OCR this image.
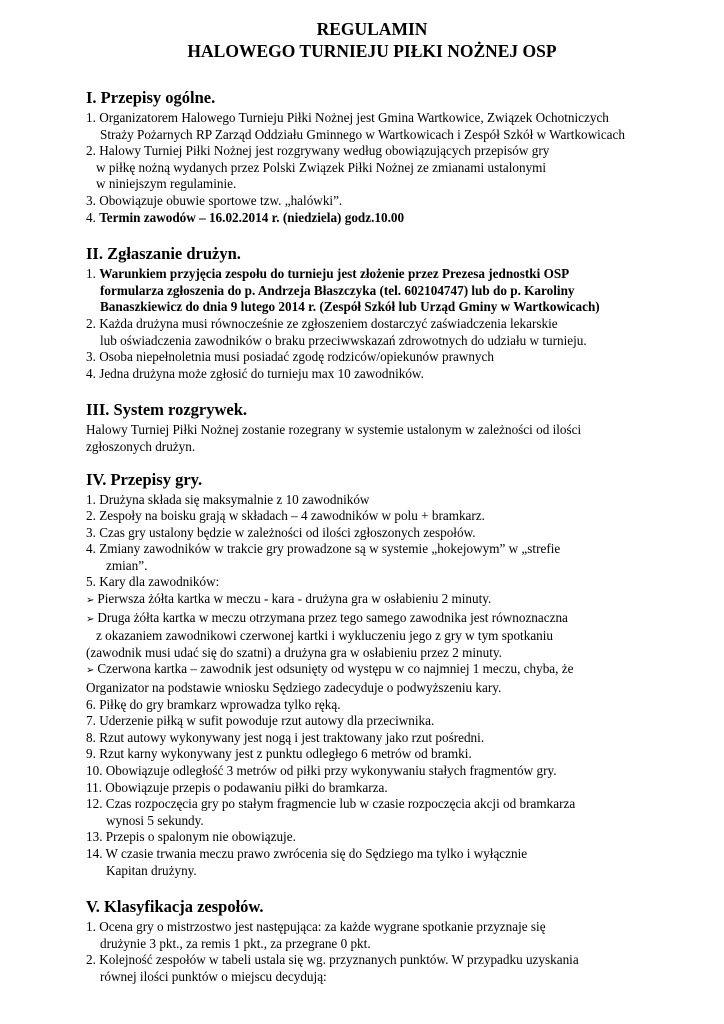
REGULAMIN

HALOWEGO TURNIEJU PIŁKI NOŻNEJ OSP

I. Przepisy ogólne.

1. Organizatorem Halowego Turnieju Piłki Nożnej jest Gmina Wartkowice, Związek Ochotniczych

Straży Pożarnych RP Zarząd Oddziału Gminnego w Wartkowicach i Zespół Szkół w Wartkowicach

2. Halowy Turniej Piłki Nożnej jest rozgrywany według obowiązujących przepisów gry

w piłkę nożną wydanych przez Polski Związek Piłki Nożnej ze zmianami ustalonymi

w niniejszym regulaminie.

3. Obowiązuje obuwie sportowe tzw. „halówki”.

4. Termin zawodów – 16.02.2014 r. (niedziela) godz.10.00

II. Zgłaszanie drużyn.

1. Warunkiem przyjęcia zespołu do turnieju jest złożenie przez Prezesa jednostki OSP

formularza zgłoszenia do p. Andrzeja Błaszczyka (tel. 602104747) lub do p. Karoliny

Banaszkiewicz do dnia 9 lutego 2014 r. (Zespół Szkół lub Urząd Gminy w Wartkowicach)

2. Każda drużyna musi równocześnie ze zgłoszeniem dostarczyć zaświadczenia lekarskie

lub oświadczenia zawodników o braku przeciwwskazań zdrowotnych do udziału w turnieju.

3. Osoba niepełnoletnia musi posiadać zgodę rodziców/opiekunów prawnych

4. Jedna drużyna może zgłosić do turnieju max 10 zawodników.

III. System rozgrywek.

Halowy Turniej Piłki Nożnej zostanie rozegrany w systemie ustalonym w zależności od ilości

zgłoszonych drużyn.

IV. Przepisy gry.

1. Drużyna składa się maksymalnie z 10 zawodników

2. Zespoły na boisku grają w składach – 4 zawodników w polu + bramkarz.

3. Czas gry ustalony będzie w zależności od ilości zgłoszonych zespołów.

4. Zmiany zawodników w trakcie gry prowadzone są w systemie „hokejowym” w „strefie

zmian”.

5. Kary dla zawodników:

➢ Pierwsza żółta kartka w meczu - kara - drużyna gra w osłabieniu 2 minuty.

➢ Druga żółta kartka w meczu otrzymana przez tego samego zawodnika jest równoznaczna

z okazaniem zawodnikowi czerwonej kartki i wykluczeniu jego z gry w tym spotkaniu

(zawodnik musi udać się do szatni) a drużyna gra w osłabieniu przez 2 minuty.

➢ Czerwona kartka – zawodnik jest odsunięty od występu w co najmniej 1 meczu, chyba, że

Organizator na podstawie wniosku Sędziego zadecyduje o podwyższeniu kary.

6. Piłkę do gry bramkarz wprowadza tylko ręką.

7. Uderzenie piłką w sufit powoduje rzut autowy dla przeciwnika.

8. Rzut autowy wykonywany jest nogą i jest traktowany jako rzut pośredni.

9. Rzut karny wykonywany jest z punktu odległego 6 metrów od bramki.

10. Obowiązuje odległość 3 metrów od piłki przy wykonywaniu stałych fragmentów gry.

11. Obowiązuje przepis o podawaniu piłki do bramkarza.

12. Czas rozpoczęcia gry po stałym fragmencie lub w czasie rozpoczęcia akcji od bramkarza

wynosi 5 sekundy.

13. Przepis o spalonym nie obowiązuje.

14. W czasie trwania meczu prawo zwrócenia się do Sędziego ma tylko i wyłącznie

Kapitan drużyny.

V. Klasyfikacja zespołów.

1. Ocena gry o mistrzostwo jest następująca: za każde wygrane spotkanie przyznaje się

drużynie 3 pkt., za remis 1 pkt., za przegrane 0 pkt.

2. Kolejność zespołów w tabeli ustala się wg. przyznanych punktów. W przypadku uzyskania

równej ilości punktów o miejscu decydują:
